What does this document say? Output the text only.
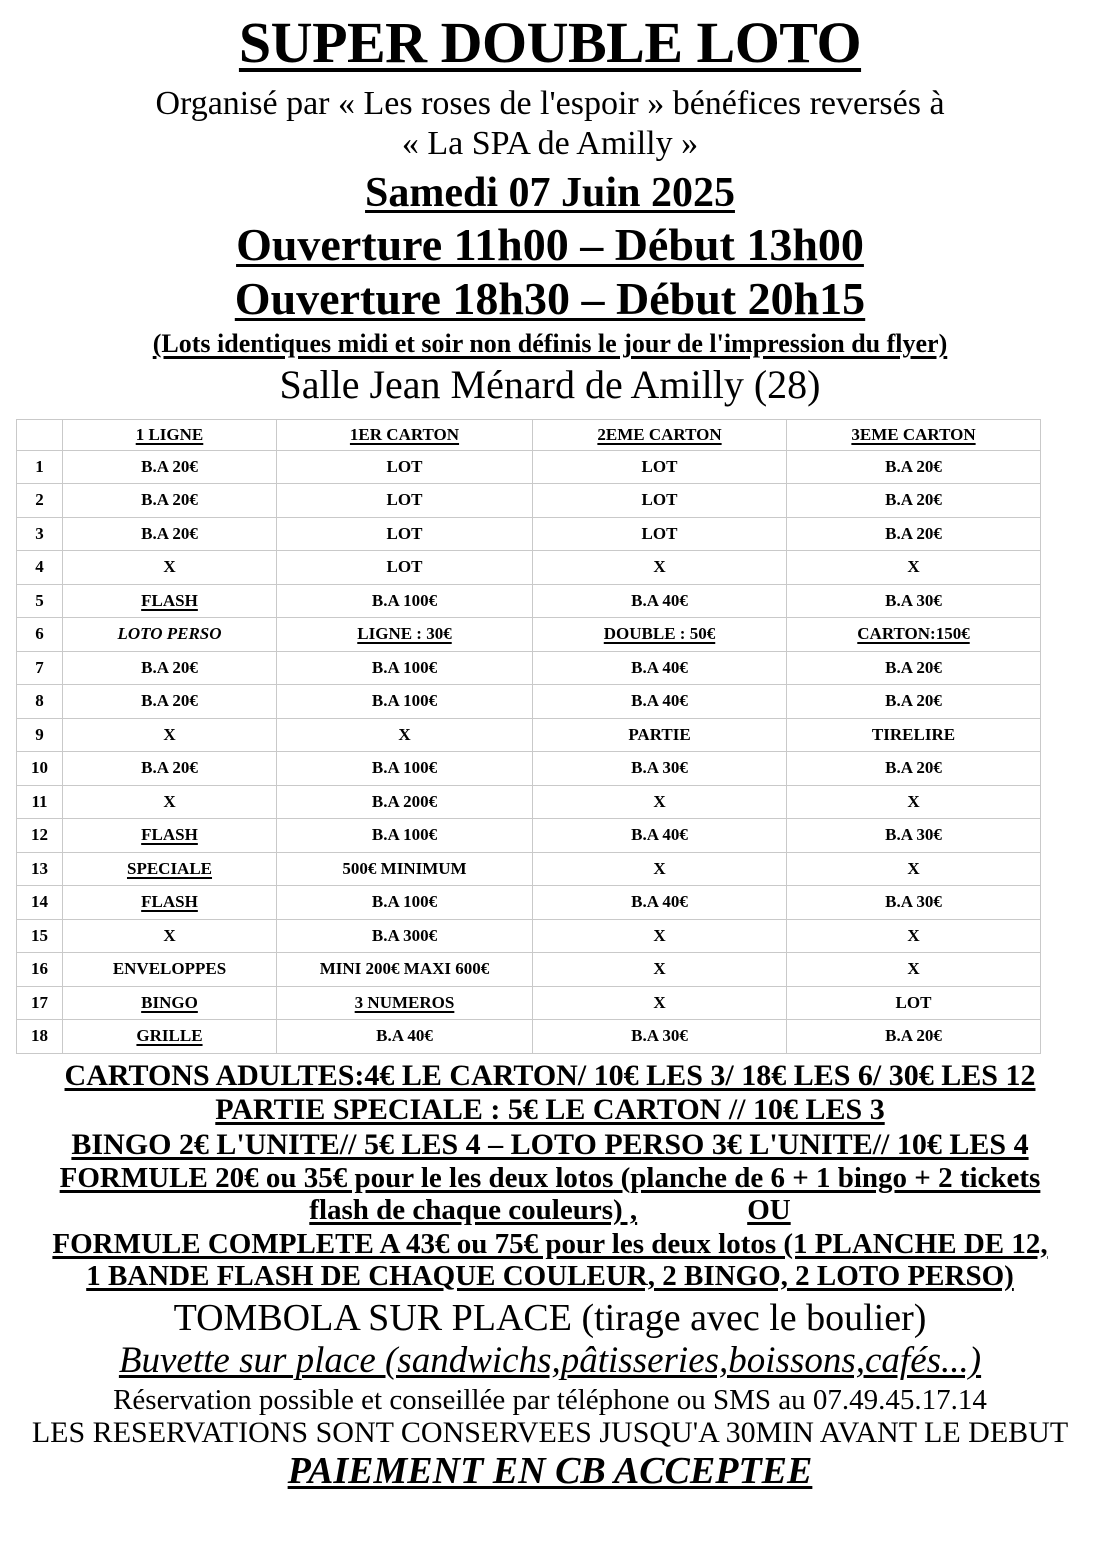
SUPER DOUBLE LOTO
Organisé par « Les roses de l'espoir » bénéfices reversés à
« La SPA de Amilly »
Samedi 07 Juin 2025
Ouverture 11h00 – Début 13h00
Ouverture 18h30 – Début 20h15
(Lots identiques midi et soir non définis le jour de l'impression du flyer)
Salle Jean Ménard de Amilly (28)
	1 LIGNE	1ER CARTON	2EME CARTON	3EME CARTON
1	B.A 20€	LOT	LOT	B.A 20€
2	B.A 20€	LOT	LOT	B.A 20€
3	B.A 20€	LOT	LOT	B.A 20€
4	X	LOT	X	X
5	FLASH	B.A 100€	B.A 40€	B.A 30€
6	LOTO PERSO	LIGNE : 30€	DOUBLE : 50€	CARTON:150€
7	B.A 20€	B.A 100€	B.A 40€	B.A 20€
8	B.A 20€	B.A 100€	B.A 40€	B.A 20€
9	X	X	PARTIE	TIRELIRE
10	B.A 20€	B.A 100€	B.A 30€	B.A 20€
11	X	B.A 200€	X	X
12	FLASH	B.A 100€	B.A 40€	B.A 30€
13	SPECIALE	500€ MINIMUM	X	X
14	FLASH	B.A 100€	B.A 40€	B.A 30€
15	X	B.A 300€	X	X
16	ENVELOPPES	MINI 200€ MAXI 600€	X	X
17	BINGO	3 NUMEROS	X	LOT
18	GRILLE	B.A 40€	B.A 30€	B.A 20€
CARTONS ADULTES:4€ LE CARTON/ 10€ LES 3/ 18€ LES 6/ 30€ LES 12
PARTIE SPECIALE : 5€ LE CARTON // 10€ LES 3
BINGO 2€ L'UNITE// 5€ LES 4 – LOTO PERSO 3€ L'UNITE// 10€ LES 4
FORMULE 20€ ou 35€ pour le les deux lotos (planche de 6 + 1 bingo + 2 tickets
flash de chaque couleurs) ,	OU
FORMULE COMPLETE A 43€ ou 75€ pour les deux lotos (1 PLANCHE DE 12,
1 BANDE FLASH DE CHAQUE COULEUR, 2 BINGO, 2 LOTO PERSO)
TOMBOLA SUR PLACE (tirage avec le boulier)
Buvette sur place (sandwichs,pâtisseries,boissons,cafés...)
Réservation possible et conseillée par téléphone ou SMS au 07.49.45.17.14
LES RESERVATIONS SONT CONSERVEES JUSQU'A 30MIN AVANT LE DEBUT
PAIEMENT EN CB ACCEPTEE
